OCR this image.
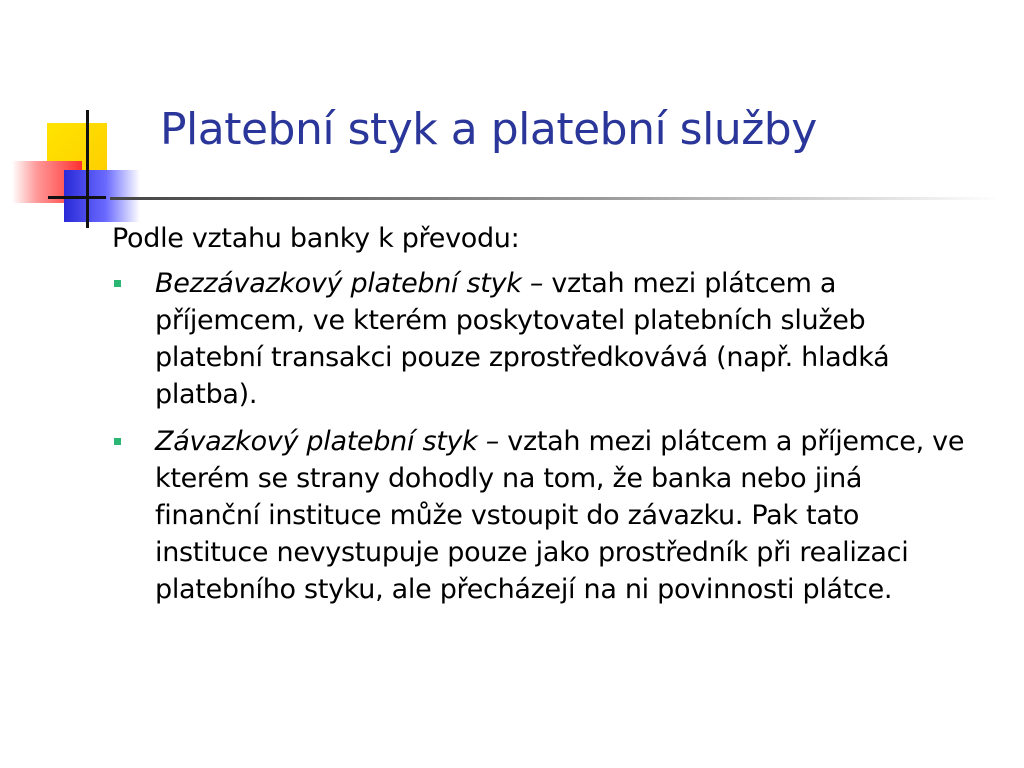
Platební styk a platební služby

Podle vztahu banky k převodu:

Bezzávazkový platební styk – vztah mezi plátcem a příjemcem, ve kterém poskytovatel platebních služeb platební transakci pouze zprostředkovává (např. hladká platba).
Závazkový platební styk – vztah mezi plátcem a příjemce, ve kterém se strany dohodly na tom, že banka nebo jiná finanční instituce může vstoupit do závazku. Pak tato instituce nevystupuje pouze jako prostředník při realizaci platebního styku, ale přecházejí na ni povinnosti plátce.
